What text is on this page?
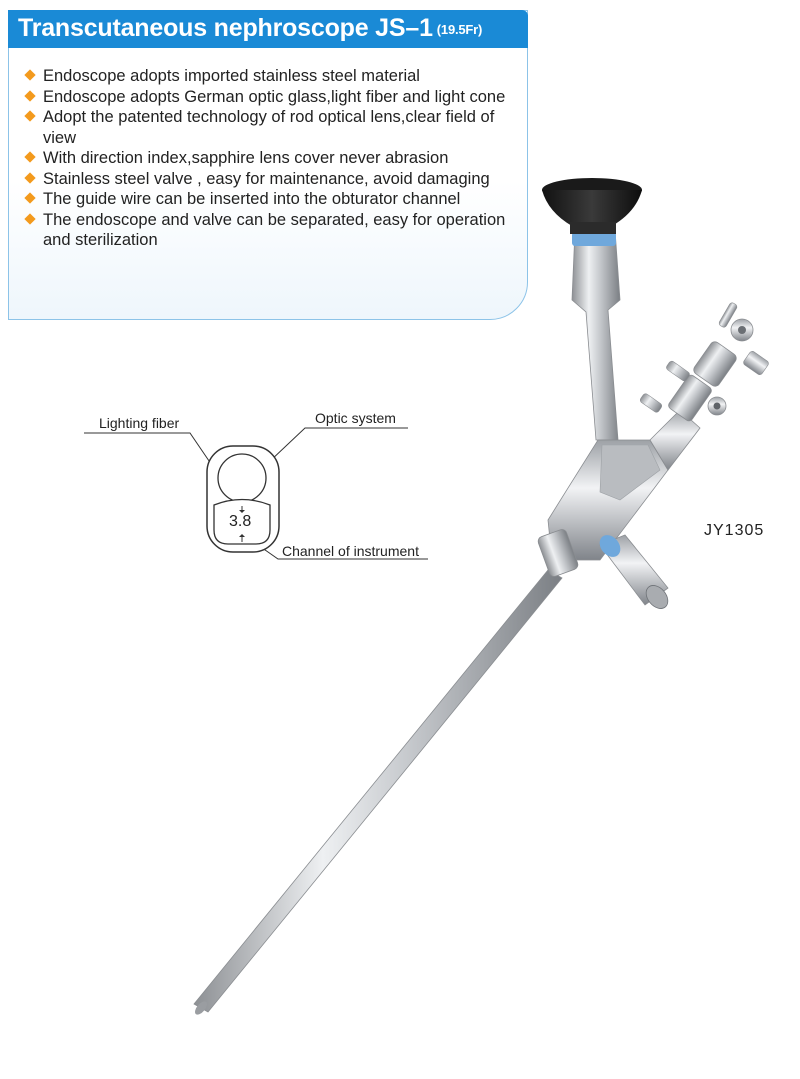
Transcutaneous nephroscope JS–1 (19.5Fr)
Endoscope adopts imported stainless steel material
Endoscope adopts German optic glass,light fiber and light cone
Adopt the patented technology of rod optical lens,clear field of view
With direction index,sapphire lens cover never abrasion
Stainless steel valve , easy for maintenance, avoid damaging
The guide wire can be inserted into the obturator channel
The endoscope and valve can be separated, easy for operation and sterilization
Lighting fiber	Optic system
Channel of instrument
3.8
JY1305
